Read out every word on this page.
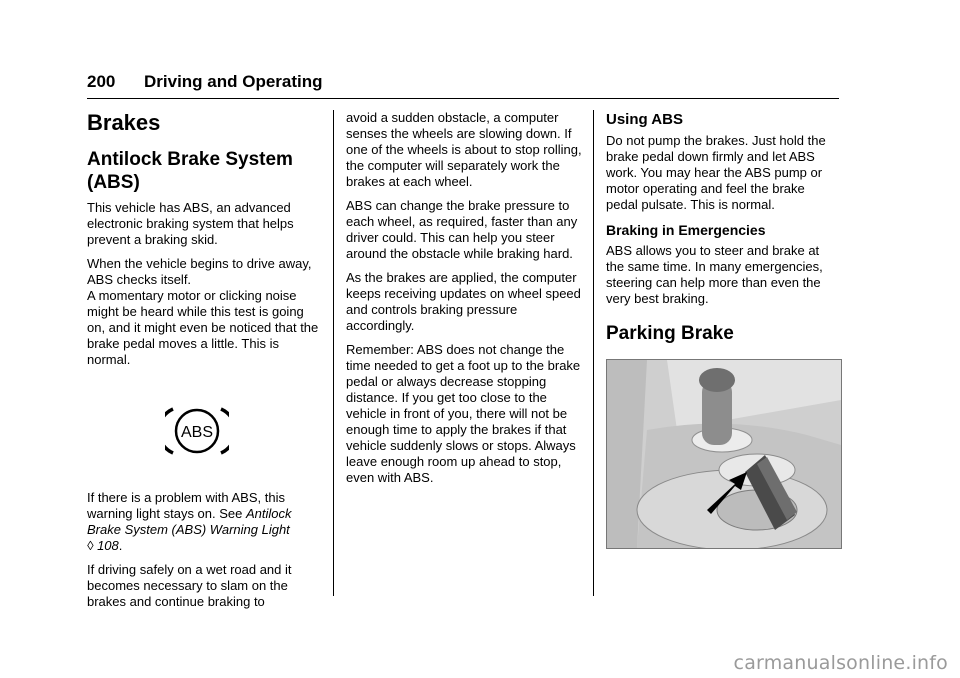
200 Driving and Operating
Brakes
Antilock Brake System (ABS)

This vehicle has ABS, an advanced electronic braking system that helps prevent a braking skid.

When the vehicle begins to drive away, ABS checks itself.

A momentary motor or clicking noise might be heard while this test is going on, and it might even be noticed that the brake pedal moves a little. This is normal.

ABS

If there is a problem with ABS, this warning light stays on. See Antilock Brake System (ABS) Warning Light
◊ 108.

If driving safely on a wet road and it becomes necessary to slam on the brakes and continue braking to

avoid a sudden obstacle, a computer senses the wheels are slowing down. If one of the wheels is about to stop rolling, the computer will separately work the brakes at each wheel.

ABS can change the brake pressure to each wheel, as required, faster than any driver could. This can help you steer around the obstacle while braking hard.

As the brakes are applied, the computer keeps receiving updates on wheel speed and controls braking pressure accordingly.

Remember: ABS does not change the time needed to get a foot up to the brake pedal or always decrease stopping distance. If you get too close to the vehicle in front of you, there will not be enough time to apply the brakes if that vehicle suddenly slows or stops. Always leave enough room up ahead to stop, even with ABS.

Using ABS

Do not pump the brakes. Just hold the brake pedal down firmly and let ABS work. You may hear the ABS pump or motor operating and feel the brake pedal pulsate. This is normal.

Braking in Emergencies

ABS allows you to steer and brake at the same time. In many emergencies, steering can help more than even the very best braking.

Parking Brake
carmanualsonline.info
